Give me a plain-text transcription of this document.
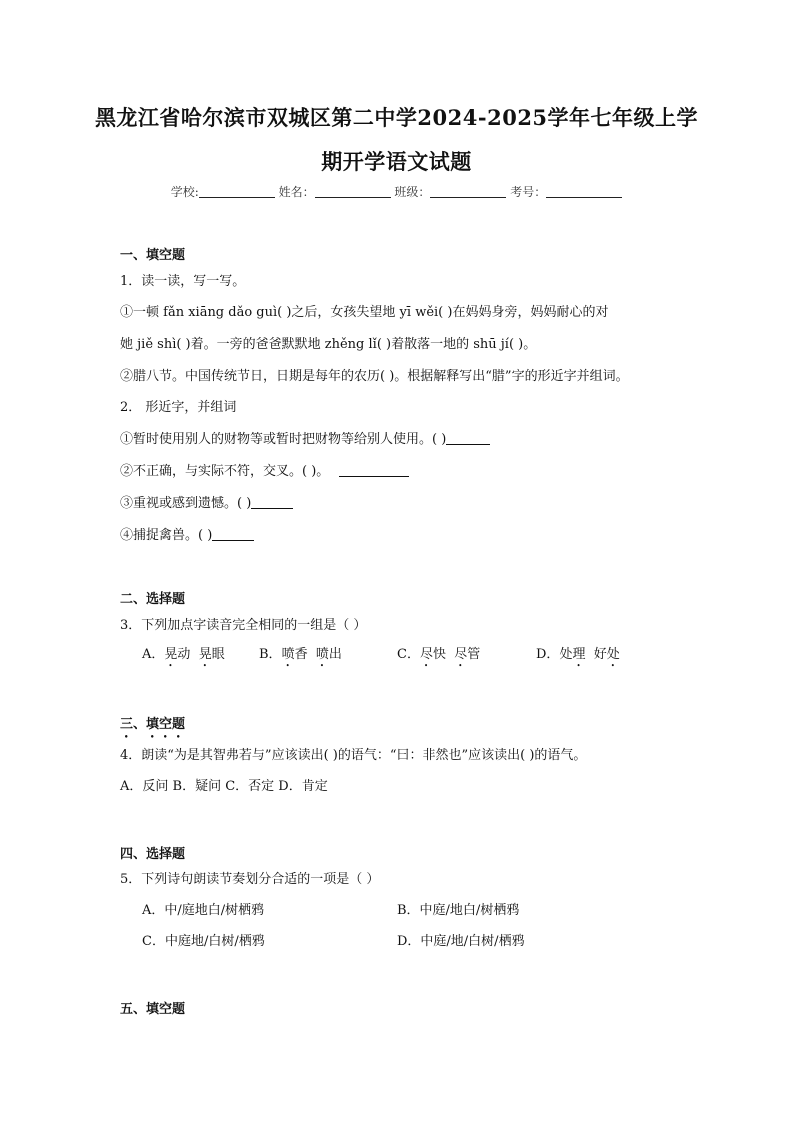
黑龙江省哈尔滨市双城区第二中学2024-2025学年七年级上学
期开学语文试题
学校:	姓名：	班级：	考号：
一、填空题
1．读一读，写一写。
①一顿 fǎn xiāng dǎo guì( )之后，女孩失望地 yī wěi( )在妈妈身旁，妈妈耐心的对
她 jiě shì( )着。一旁的爸爸默默地 zhěng lǐ( )着散落一地的 shū jí( )。
②腊八节。中国传统节日，日期是每年的农历( )。根据解释写出“腊”字的形近字并组词。
2． 形近字，并组词
①暂时使用别人的财物等或暂时把财物等给别人使用。( )
②不正确，与实际不符，交叉。( )。
③重视或感到遗憾。( )
④捕捉禽兽。( )
二、选择题
3．下列加点字读音完全相同的一组是（ ）
A．晃动 晃眼	B．喷香 喷出	C．尽快 尽管	D．处理 好处
三、填空题
4．朗读“为是其智弗若与”应该读出( )的语气：“曰：非然也”应该读出( )的语气。
A．反问 B．疑问 C．否定 D．肯定
四、选择题
5．下列诗句朗读节奏划分合适的一项是（ ）
A．中/庭地白/树栖鸦	B．中庭/地白/树栖鸦
C．中庭地/白树/栖鸦	D．中庭/地/白树/栖鸦
五、填空题
